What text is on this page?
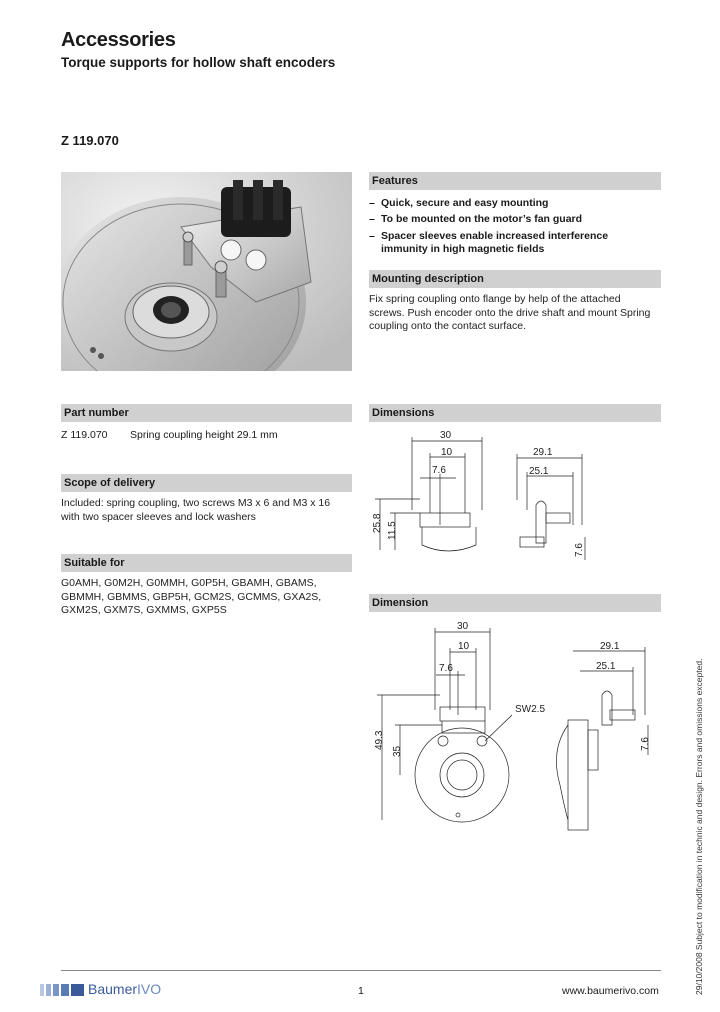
Accessories
Torque supports for hollow shaft encoders
Z 119.070
Features
– Quick, secure and easy mounting
– To be mounted on the motor’s fan guard
– Spacer sleeves enable increased interference
immunity in high magnetic fields
Mounting description
Fix spring coupling onto flange by help of the attached
screws. Push encoder onto the drive shaft and mount Spring
coupling onto the contact surface.
Part number
Z 119.070 Spring coupling height 29.1 mm
Scope of delivery
Included: spring coupling, two screws M3 x 6 and M3 x 16
with two spacer sleeves and lock washers
Suitable for
G0AMH, G0M2H, G0MMH, G0P5H, GBAMH, GBAMS,
GBMMH, GBMMS, GBP5H, GCM2S, GCMMS, GXA2S,
GXM2S, GXM7S, GXMMS, GXP5S
Dimensions
30
10
7.6
25.8 11.5
29.1
25.1
7.6
Dimension
30
10
7.6
49.3
35
SW2.5
29.1
25.1
7.6
BaumerIVO	1	www.baumerivo.com	29/10/2008 Subject to modification in technic and design. Errors and omissions excepted.
